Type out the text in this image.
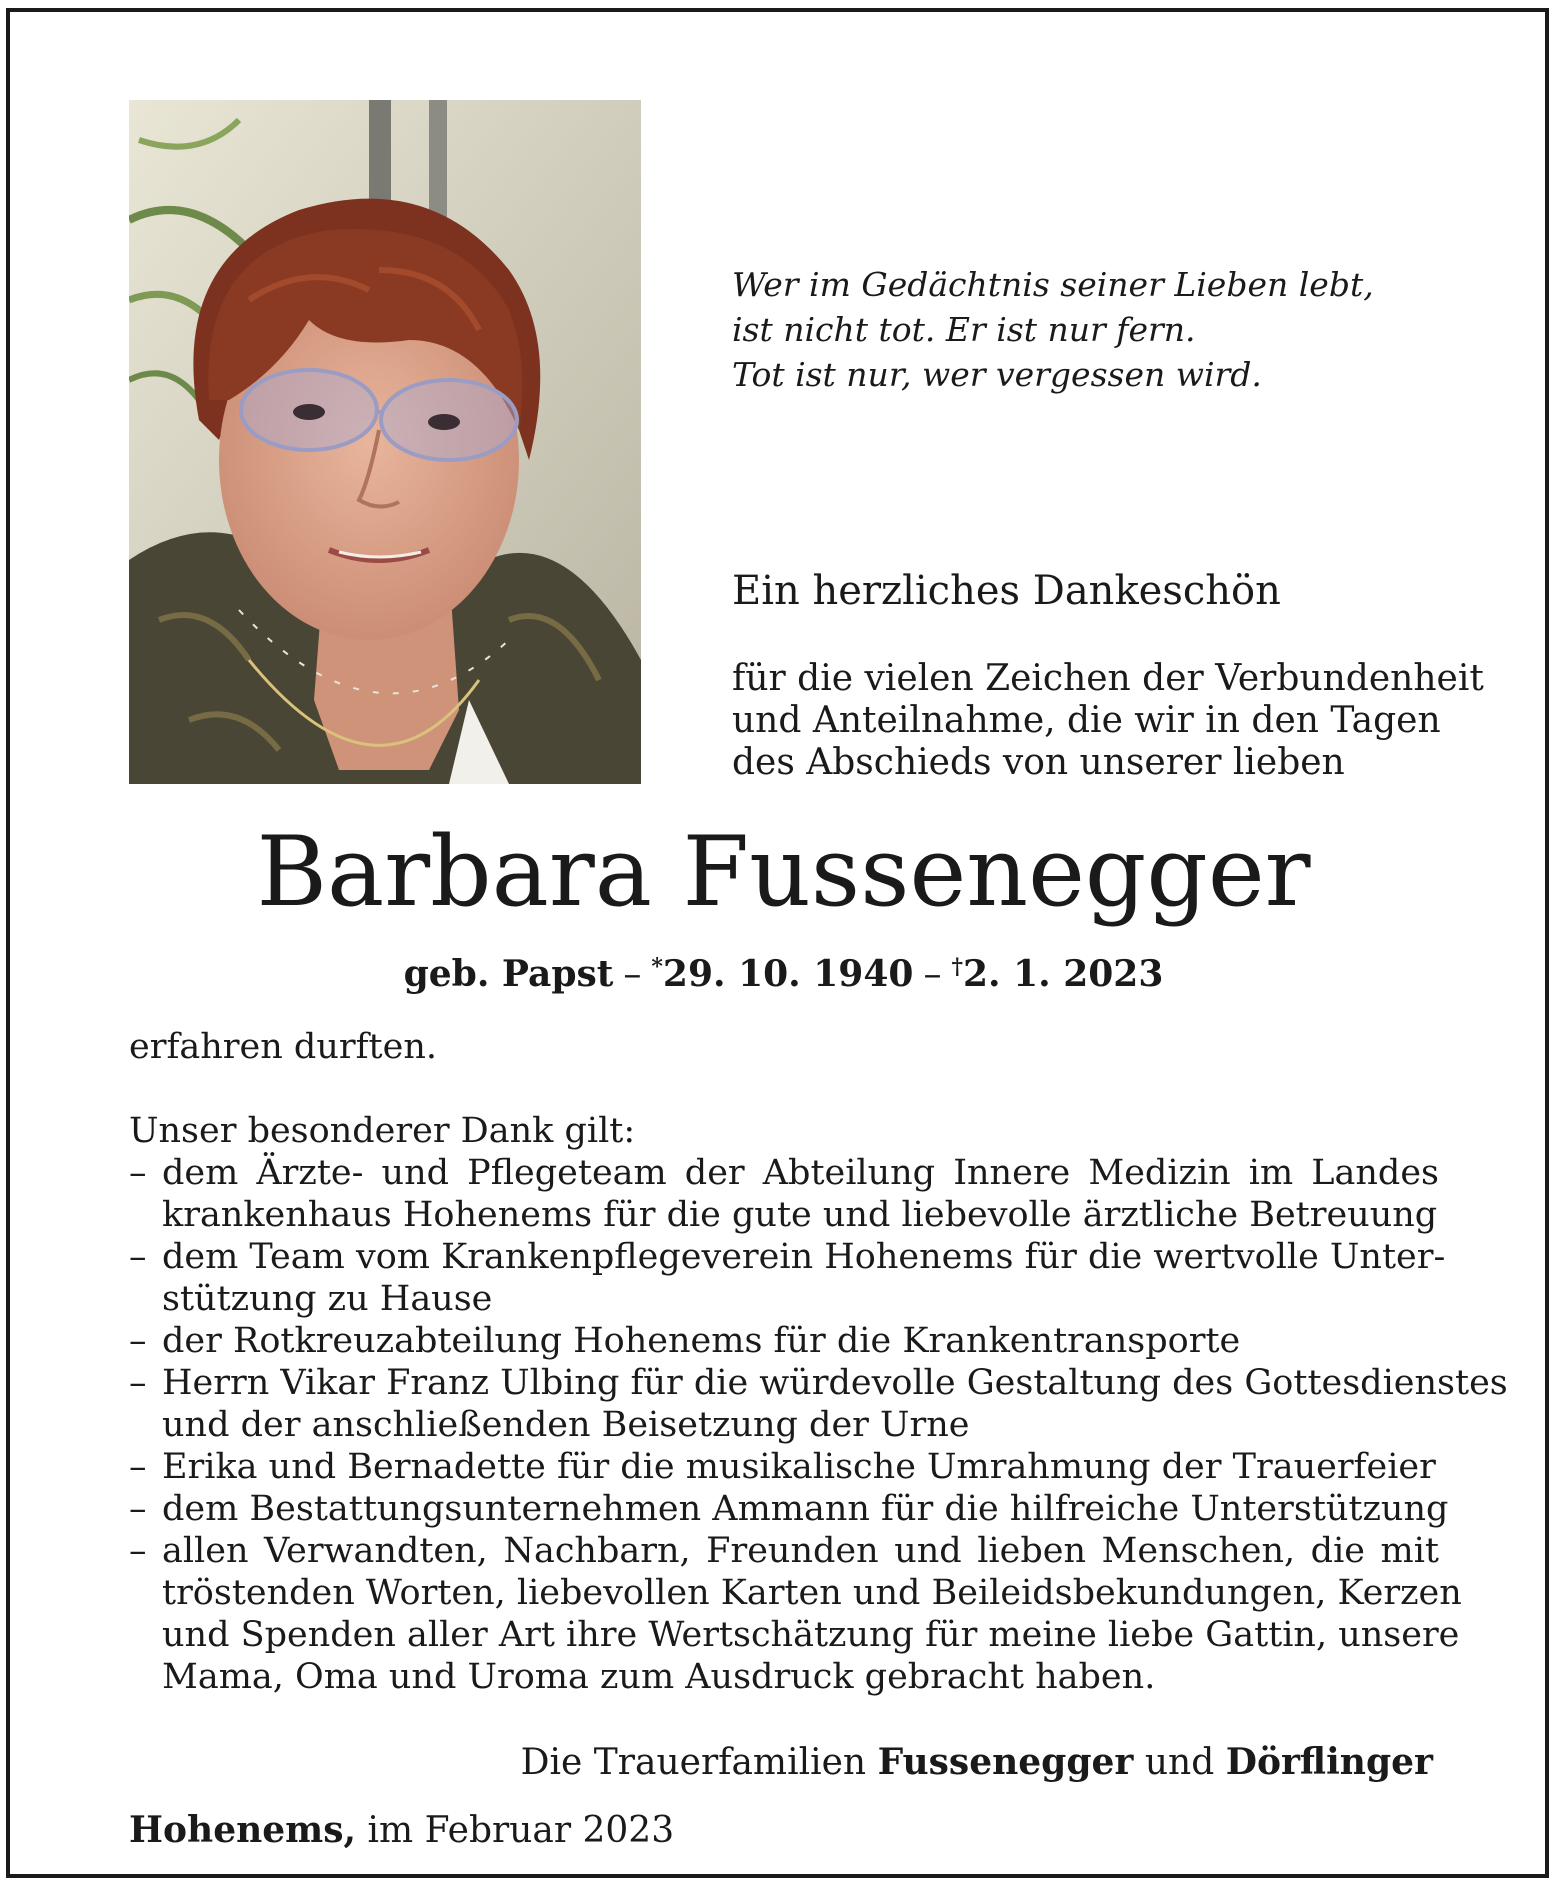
Wer im Gedächtnis seiner Lieben lebt,
ist nicht tot. Er ist nur fern.
Tot ist nur, wer vergessen wird.
Ein herzliches Dankeschön
für die vielen Zeichen der Verbundenheit
und Anteilnahme, die wir in den Tagen
des Abschieds von unserer lieben
Barbara Fussenegger
geb. Papst – *29. 10. 1940 – †2. 1. 2023
erfahren durften.
Unser besonderer Dank gilt:
– dem Ärzte- und Pflegeteam der Abteilung Innere Medizin im Landes
krankenhaus Hohenems für die gute und liebevolle ärztliche Betreuung
– dem Team vom Krankenpflegeverein Hohenems für die wertvolle Unter-
stützung zu Hause
– der Rotkreuzabteilung Hohenems für die Krankentransporte
– Herrn Vikar Franz Ulbing für die würdevolle Gestaltung des Gottesdienstes
und der anschließenden Beisetzung der Urne
– Erika und Bernadette für die musikalische Umrahmung der Trauerfeier
– dem Bestattungsunternehmen Ammann für die hilfreiche Unterstützung
– allen Verwandten, Nachbarn, Freunden und lieben Menschen, die mit
tröstenden Worten, liebevollen Karten und Beileidsbekundungen, Kerzen
und Spenden aller Art ihre Wertschätzung für meine liebe Gattin, unsere
Mama, Oma und Uroma zum Ausdruck gebracht haben.
Die Trauerfamilien Fussenegger und Dörflinger
Hohenems, im Februar 2023
